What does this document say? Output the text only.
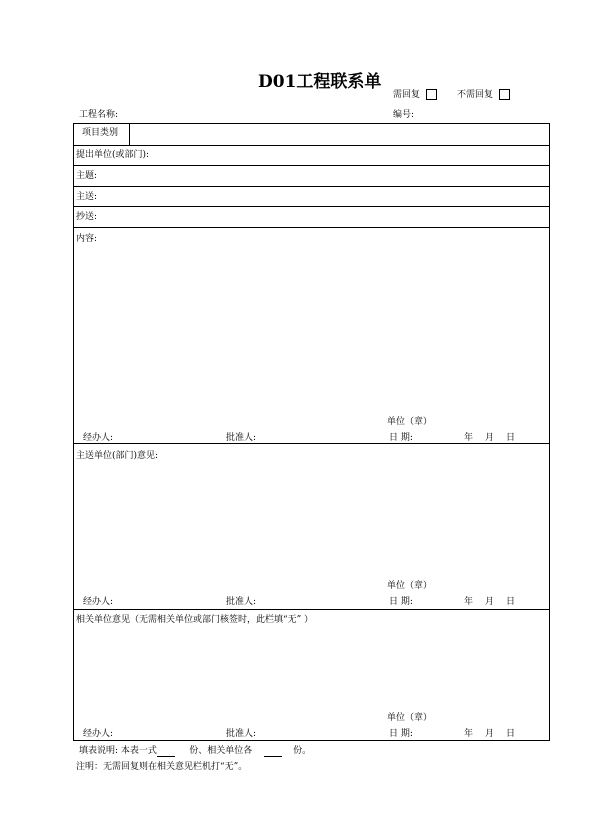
D01工程联系单
需回复	不需回复
工程名称:	编号:
项目类别
提出单位(或部门):
主题:
主送:
抄送:
内容:
单位（章）
经办人:	批准人:	日 期:	年 月 日
主送单位(部门)意见:
单位（章）
经办人:	批准人:	日 期:	年 月 日
相关单位意见（无需相关单位或部门核签时，此栏填“无” ）
单位（章）
经办人:	批准人:	日 期:	年 月 日
填表说明: 本表一式	份、相关单位各	份。
注明：无需回复则在相关意见栏机打“无”。
